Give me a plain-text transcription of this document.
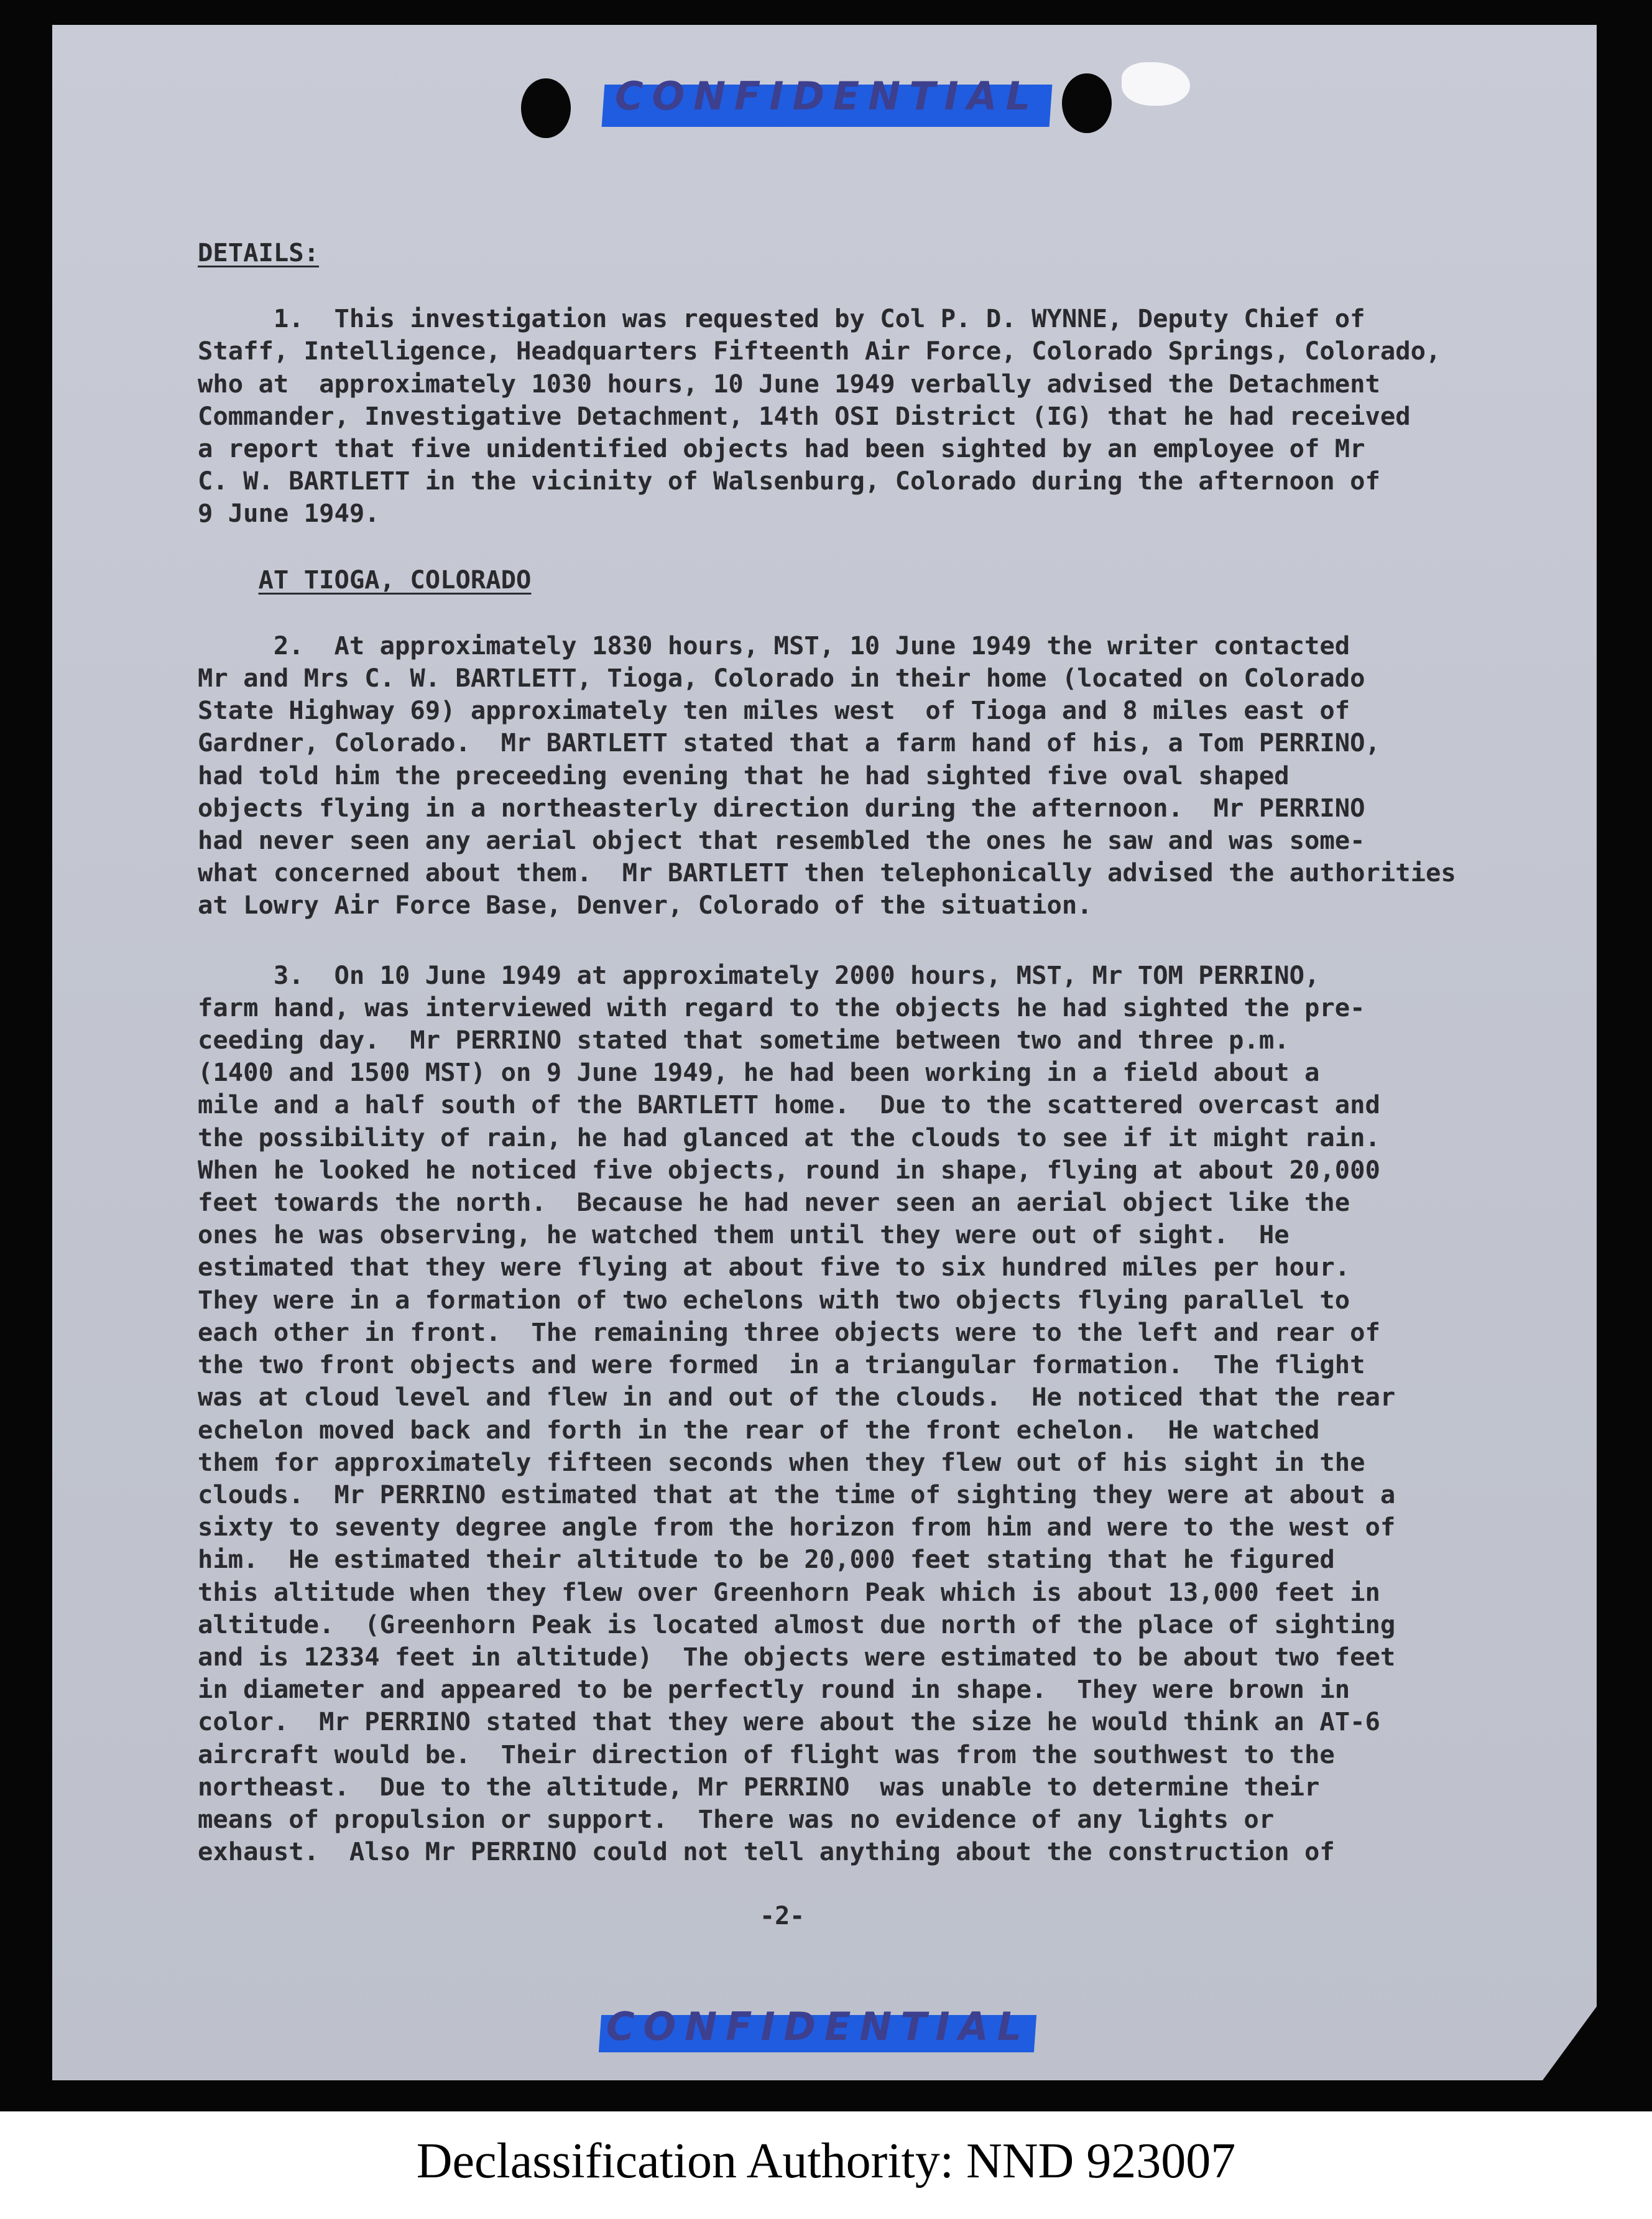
CONFIDENTIAL

DETAILS:

1.  This investigation was requested by Col P. D. WYNNE, Deputy Chief of

Staff, Intelligence, Headquarters Fifteenth Air Force, Colorado Springs, Colorado,

who at  approximately 1030 hours, 10 June 1949 verbally advised the Detachment

Commander, Investigative Detachment, 14th OSI District (IG) that he had received

a report that five unidentified objects had been sighted by an employee of Mr

C. W. BARTLETT in the vicinity of Walsenburg, Colorado during the afternoon of

9 June 1949.

AT TIOGA, COLORADO

2.  At approximately 1830 hours, MST, 10 June 1949 the writer contacted

Mr and Mrs C. W. BARTLETT, Tioga, Colorado in their home (located on Colorado

State Highway 69) approximately ten miles west  of Tioga and 8 miles east of

Gardner, Colorado.  Mr BARTLETT stated that a farm hand of his, a Tom PERRINO,

had told him the preceeding evening that he had sighted five oval shaped

objects flying in a northeasterly direction during the afternoon.  Mr PERRINO

had never seen any aerial object that resembled the ones he saw and was some-

what concerned about them.  Mr BARTLETT then telephonically advised the authorities

at Lowry Air Force Base, Denver, Colorado of the situation.

3.  On 10 June 1949 at approximately 2000 hours, MST, Mr TOM PERRINO,

farm hand, was interviewed with regard to the objects he had sighted the pre-

ceeding day.  Mr PERRINO stated that sometime between two and three p.m.

(1400 and 1500 MST) on 9 June 1949, he had been working in a field about a

mile and a half south of the BARTLETT home.  Due to the scattered overcast and

the possibility of rain, he had glanced at the clouds to see if it might rain.

When he looked he noticed five objects, round in shape, flying at about 20,000

feet towards the north.  Because he had never seen an aerial object like the

ones he was observing, he watched them until they were out of sight.  He

estimated that they were flying at about five to six hundred miles per hour.

They were in a formation of two echelons with two objects flying parallel to

each other in front.  The remaining three objects were to the left and rear of

the two front objects and were formed  in a triangular formation.  The flight

was at cloud level and flew in and out of the clouds.  He noticed that the rear

echelon moved back and forth in the rear of the front echelon.  He watched

them for approximately fifteen seconds when they flew out of his sight in the

clouds.  Mr PERRINO estimated that at the time of sighting they were at about a

sixty to seventy degree angle from the horizon from him and were to the west of

him.  He estimated their altitude to be 20,000 feet stating that he figured

this altitude when they flew over Greenhorn Peak which is about 13,000 feet in

altitude.  (Greenhorn Peak is located almost due north of the place of sighting

and is 12334 feet in altitude)  The objects were estimated to be about two feet

in diameter and appeared to be perfectly round in shape.  They were brown in

color.  Mr PERRINO stated that they were about the size he would think an AT-6

aircraft would be.  Their direction of flight was from the southwest to the

northeast.  Due to the altitude, Mr PERRINO  was unable to determine their

means of propulsion or support.  There was no evidence of any lights or

exhaust.  Also Mr PERRINO could not tell anything about the construction of

-2-
CONFIDENTIAL
Declassification Authority: NND 923007
